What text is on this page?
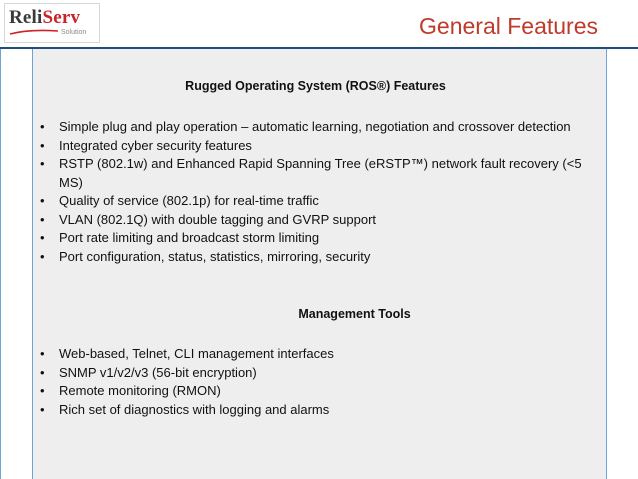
ReliServ
Solution	General Features
Rugged Operating System (ROS®) Features
• Simple plug and play operation – automatic learning, negotiation and crossover detection
• Integrated cyber security features
• RSTP (802.1w) and Enhanced Rapid Spanning Tree (eRSTP™) network fault recovery (<5 MS)
• Quality of service (802.1p) for real-time traffic
• VLAN (802.1Q) with double tagging and GVRP support
• Port rate limiting and broadcast storm limiting
• Port configuration, status, statistics, mirroring, security
Management Tools
• Web-based, Telnet, CLI management interfaces
• SNMP v1/v2/v3 (56-bit encryption)
• Remote monitoring (RMON)
• Rich set of diagnostics with logging and alarms
